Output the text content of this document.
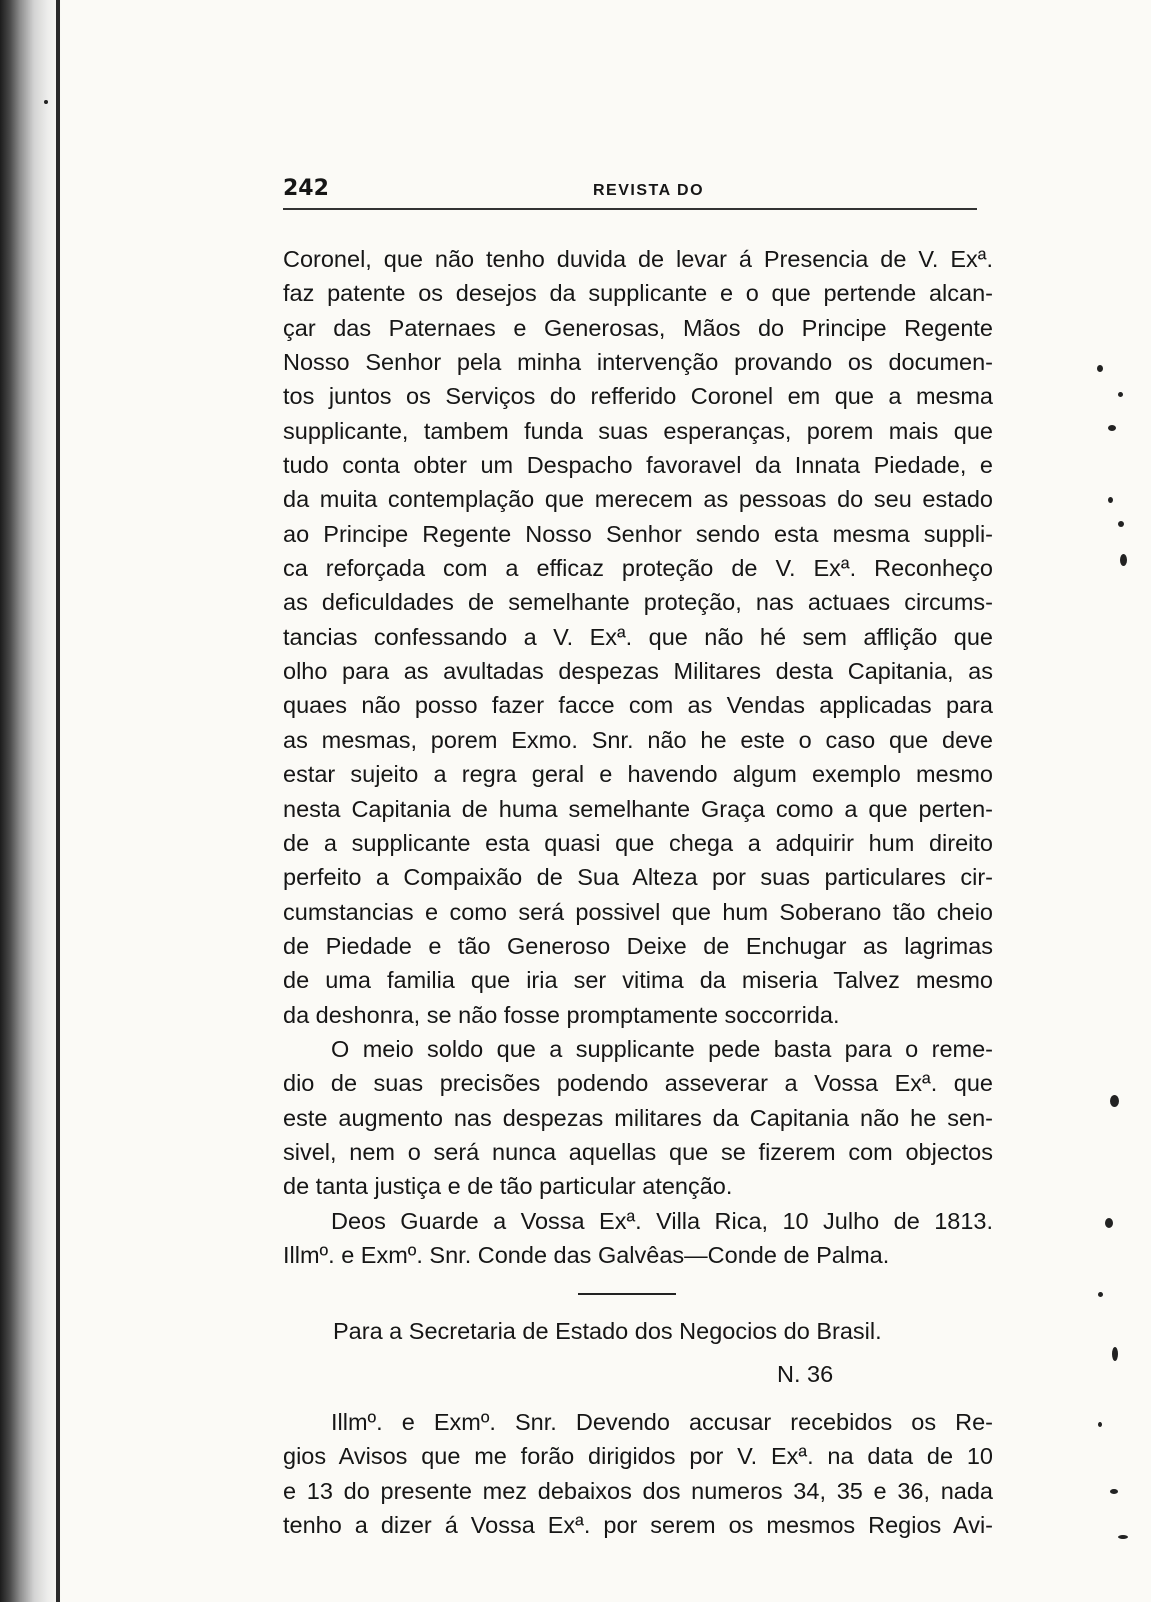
242	REVISTA DO
Coronel, que não tenho duvida de levar á Presencia de V. Exª.
faz patente os desejos da supplicante e o que pertende alcan-
çar das Paternaes e Generosas, Mãos do Principe Regente
Nosso Senhor pela minha intervenção provando os documen-
tos juntos os Serviços do refferido Coronel em que a mesma
supplicante, tambem funda suas esperanças, porem mais que
tudo conta obter um Despacho favoravel da Innata Piedade, e
da muita contemplação que merecem as pessoas do seu estado
ao Principe Regente Nosso Senhor sendo esta mesma suppli-
ca reforçada com a efficaz proteção de V. Exª. Reconheço
as deficuldades de semelhante proteção, nas actuaes circums-
tancias confessando a V. Exª. que não hé sem afflição que
olho para as avultadas despezas Militares desta Capitania, as
quaes não posso fazer facce com as Vendas applicadas para
as mesmas, porem Exmo. Snr. não he este o caso que deve
estar sujeito a regra geral e havendo algum exemplo mesmo
nesta Capitania de huma semelhante Graça como a que perten-
de a supplicante esta quasi que chega a adquirir hum direito
perfeito a Compaixão de Sua Alteza por suas particulares cir-
cumstancias e como será possivel que hum Soberano tão cheio
de Piedade e tão Generoso Deixe de Enchugar as lagrimas
de uma familia que iria ser vitima da miseria Talvez mesmo
da deshonra, se não fosse promptamente soccorrida.
O meio soldo que a supplicante pede basta para o reme-
dio de suas precisões podendo asseverar a Vossa Exª. que
este augmento nas despezas militares da Capitania não he sen-
sivel, nem o será nunca aquellas que se fizerem com objectos
de tanta justiça e de tão particular atenção.
Deos Guarde a Vossa Exª. Villa Rica, 10 Julho de 1813.
Illmº. e Exmº. Snr. Conde das Galvêas—Conde de Palma.
Para a Secretaria de Estado dos Negocios do Brasil.
N. 36
Illmº. e Exmº. Snr. Devendo accusar recebidos os Re-
gios Avisos que me forão dirigidos por V. Exª. na data de 10
e 13 do presente mez debaixos dos numeros 34, 35 e 36, nada
tenho a dizer á Vossa Exª. por serem os mesmos Regios Avi-
